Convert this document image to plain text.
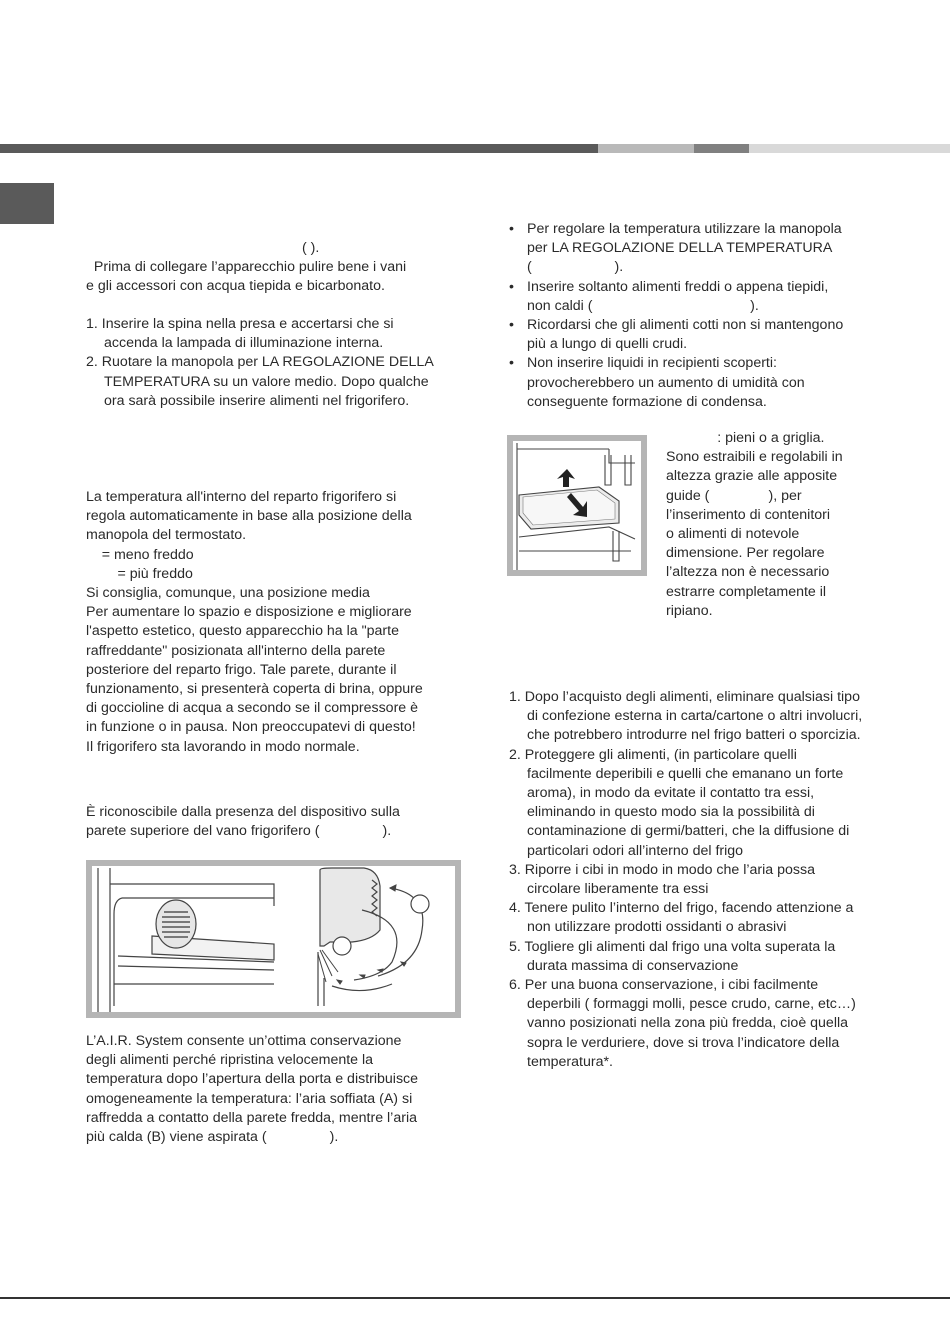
( ).
Prima di collegare l’apparecchio pulire bene i vani
e gli accessori con acqua tiepida e bicarbonato.
1. Inserire la spina nella presa e accertarsi che si
accenda la lampada di illuminazione interna.
2. Ruotare la manopola per LA REGOLAZIONE DELLA
TEMPERATURA su un valore medio. Dopo qualche
ora sarà possibile inserire alimenti nel frigorifero.
La temperatura all'interno del reparto frigorifero si
regola automaticamente in base alla posizione della
manopola del termostato.
= meno freddo
= più freddo
Si consiglia, comunque, una posizione media
Per aumentare lo spazio e disposizione e migliorare
l'aspetto estetico, questo apparecchio ha la "parte
raffreddante" posizionata all'interno della parete
posteriore del reparto frigo. Tale parete, durante il
funzionamento, si presenterà coperta di brina, oppure
di goccioline di acqua a secondo se il compressore è
in funzione o in pausa. Non preoccupatevi di questo!
Il frigorifero sta lavorando in modo normale.
È riconoscibile dalla presenza del dispositivo sulla
parete superiore del vano frigorifero (                ).
L’A.I.R. System consente un’ottima conservazione
degli alimenti perché ripristina velocemente la
temperatura dopo l’apertura della porta e distribuisce
omogeneamente la temperatura: l’aria soffiata (A) si
raffredda a contatto della parete fredda, mentre l’aria
più calda (B) viene aspirata (                ).
• Per regolare la temperatura utilizzare la manopola
per LA REGOLAZIONE DELLA TEMPERATURA
(                     ).
• Inserire soltanto alimenti freddi o appena tiepidi,
non caldi (                                        ).
• Ricordarsi che gli alimenti cotti non si mantengono
più a lungo di quelli crudi.
• Non inserire liquidi in recipienti scoperti:
provocherebbero un aumento di umidità con
conseguente formazione di condensa.
: pieni o a griglia.
Sono estraibili e regolabili in
altezza grazie alle apposite
guide (               ), per
l’inserimento di contenitori
o alimenti di notevole
dimensione. Per regolare
l’altezza non è necessario
estrarre completamente il
ripiano.
1. Dopo l’acquisto degli alimenti, eliminare qualsiasi tipo
di confezione esterna in carta/cartone o altri involucri,
che potrebbero introdurre nel frigo batteri o sporcizia.
2. Proteggere gli alimenti, (in particolare quelli
facilmente deperibili e quelli che emanano un forte
aroma), in modo da evitate il contatto tra essi,
eliminando in questo modo sia la possibilità di
contaminazione di germi/batteri, che la diffusione di
particolari odori all’interno del frigo
3. Riporre i cibi in modo in modo che l’aria possa
circolare liberamente tra essi
4. Tenere pulito l’interno del frigo, facendo attenzione a
non utilizzare prodotti ossidanti o abrasivi
5. Togliere gli alimenti dal frigo una volta superata la
durata massima di conservazione
6. Per una buona conservazione, i cibi facilmente
deperbili ( formaggi molli, pesce crudo, carne, etc…)
vanno posizionati nella zona più fredda, cioè quella
sopra le verduriere, dove si trova l’indicatore della
temperatura*.
